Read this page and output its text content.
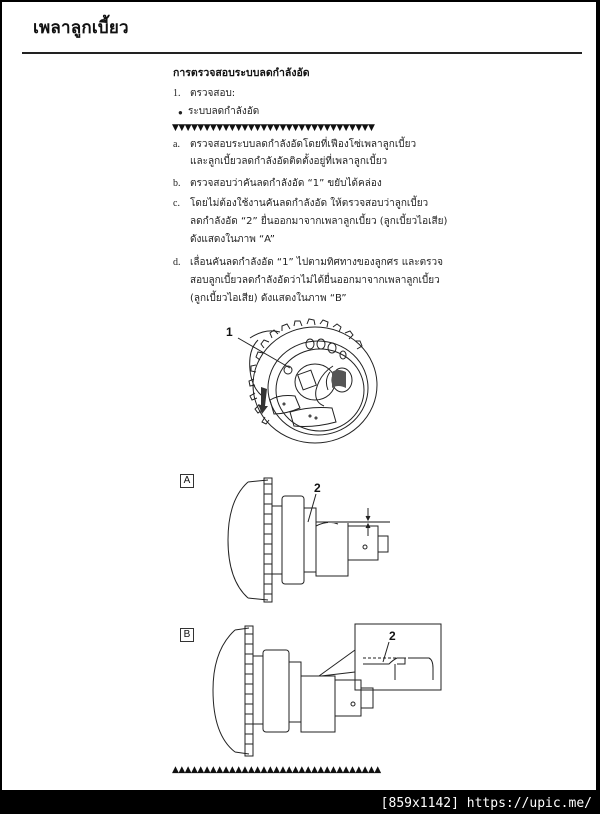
เพลาลูกเบี้ยว
การตรวจสอบระบบลดกำลังอัด
1. ตรวจสอบ:
● ระบบลดกำลังอัด
▼▼▼▼▼▼▼▼▼▼▼▼▼▼▼▼▼▼▼▼▼▼▼▼▼▼▼▼▼▼▼▼
a. ตรวจสอบระบบลดกำลังอัดโดยที่เฟืองโซ่เพลาลูกเบี้ยว
และลูกเบี้ยวลดกำลังอัดติดตั้งอยู่ที่เพลาลูกเบี้ยว
b. ตรวจสอบว่าคันลดกำลังอัด “1” ขยับได้คล่อง
c. โดยไม่ต้องใช้งานคันลดกำลังอัด ให้ตรวจสอบว่าลูกเบี้ยว
ลดกำลังอัด “2” ยื่นออกมาจากเพลาลูกเบี้ยว (ลูกเบี้ยวไอเสีย)
ดังแสดงในภาพ “A”
d. เลื่อนคันลดกำลังอัด “1” ไปตามทิศทางของลูกศร และตรวจ
สอบลูกเบี้ยวลดกำลังอัดว่าไม่ได้ยื่นออกมาจากเพลาลูกเบี้ยว
(ลูกเบี้ยวไอเสีย) ดังแสดงในภาพ “B”
1
A
2
B	2
▲▲▲▲▲▲▲▲▲▲▲▲▲▲▲▲▲▲▲▲▲▲▲▲▲▲▲▲▲▲▲▲▲
[859x1142] https://upic.me/
